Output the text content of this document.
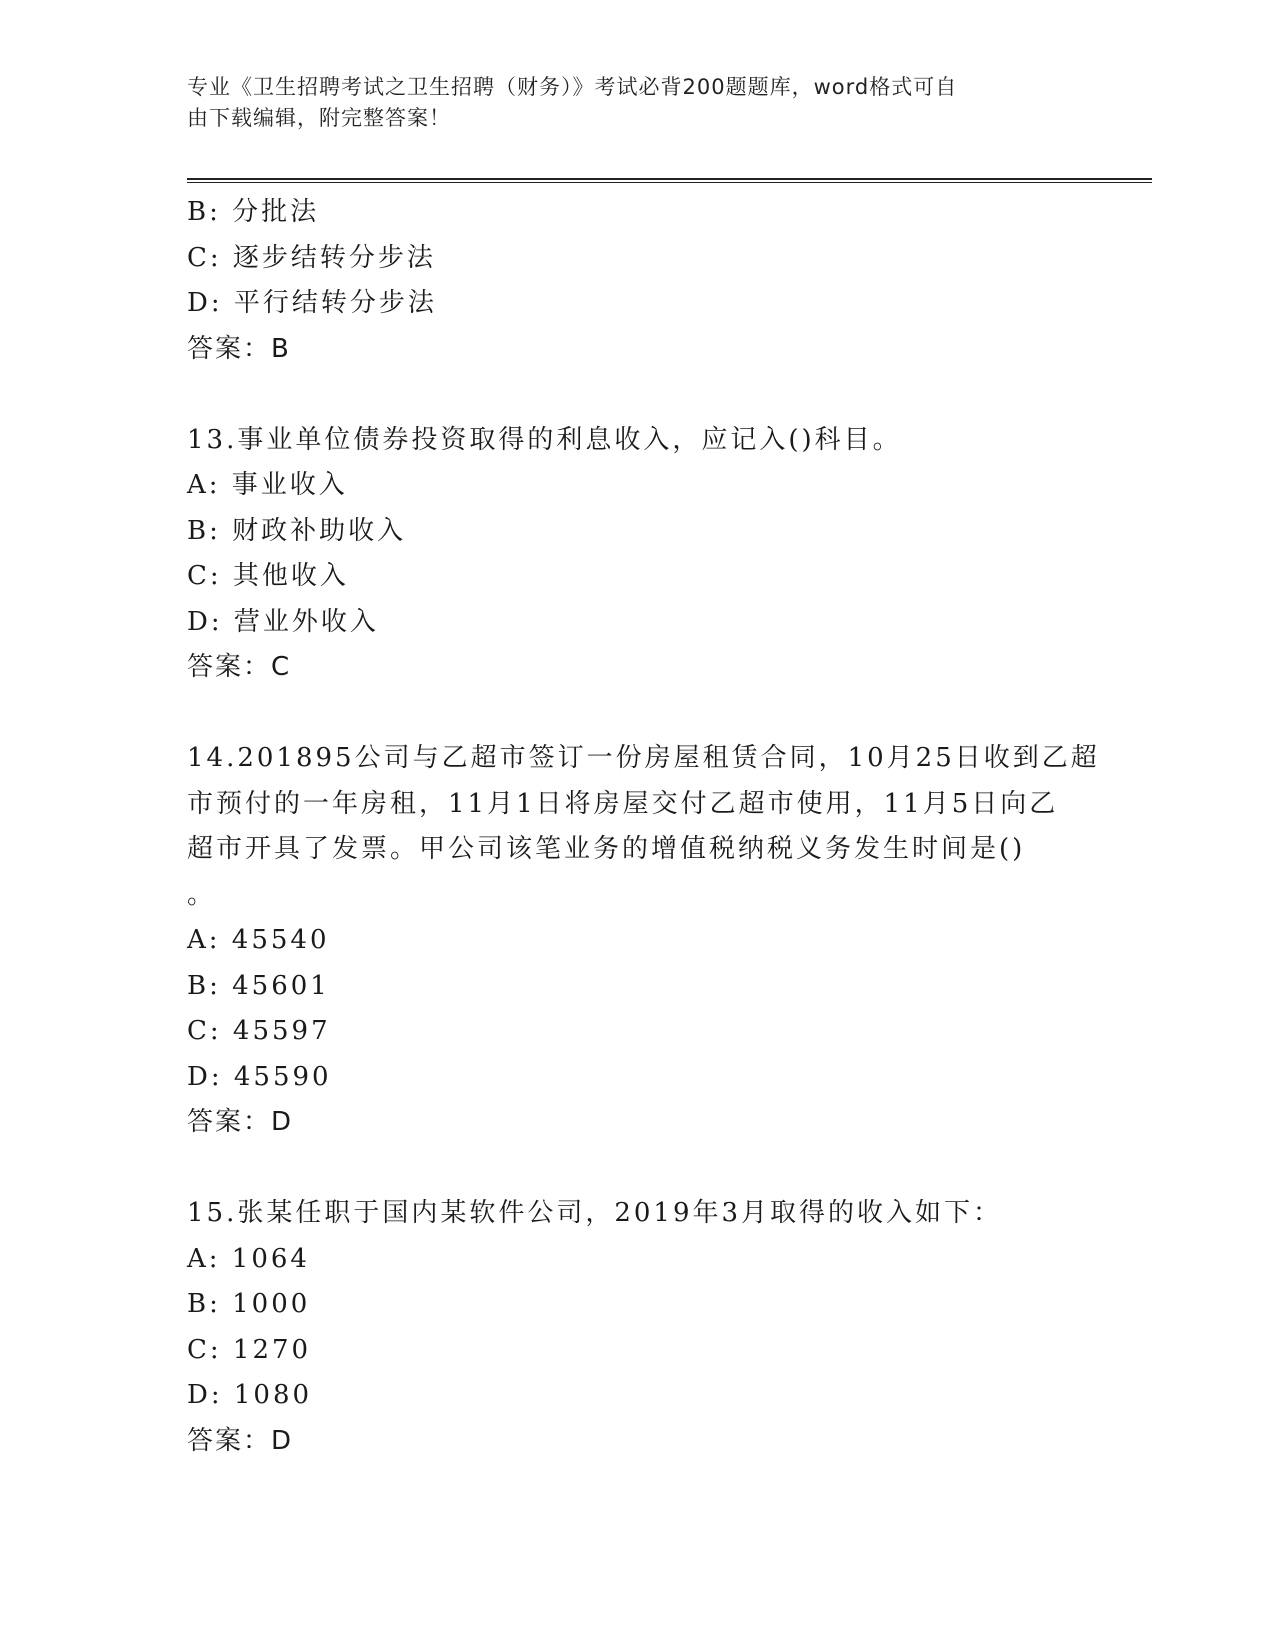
专业《卫生招聘考试之卫生招聘（财务）》考试必背200题题库，word格式可自
由下载编辑，附完整答案！
B: 分批法
C: 逐步结转分步法
D: 平行结转分步法
答案：B
13.事业单位债券投资取得的利息收入，应记入()科目。
A: 事业收入
B: 财政补助收入
C: 其他收入
D: 营业外收入
答案：C
14.201895公司与乙超市签订一份房屋租赁合同，10月25日收到乙超
市预付的一年房租，11月1日将房屋交付乙超市使用，11月5日向乙
超市开具了发票。甲公司该笔业务的增值税纳税义务发生时间是()
。
A: 45540
B: 45601
C: 45597
D: 45590
答案：D
15.张某任职于国内某软件公司，2019年3月取得的收入如下：
A: 1064
B: 1000
C: 1270
D: 1080
答案：D
